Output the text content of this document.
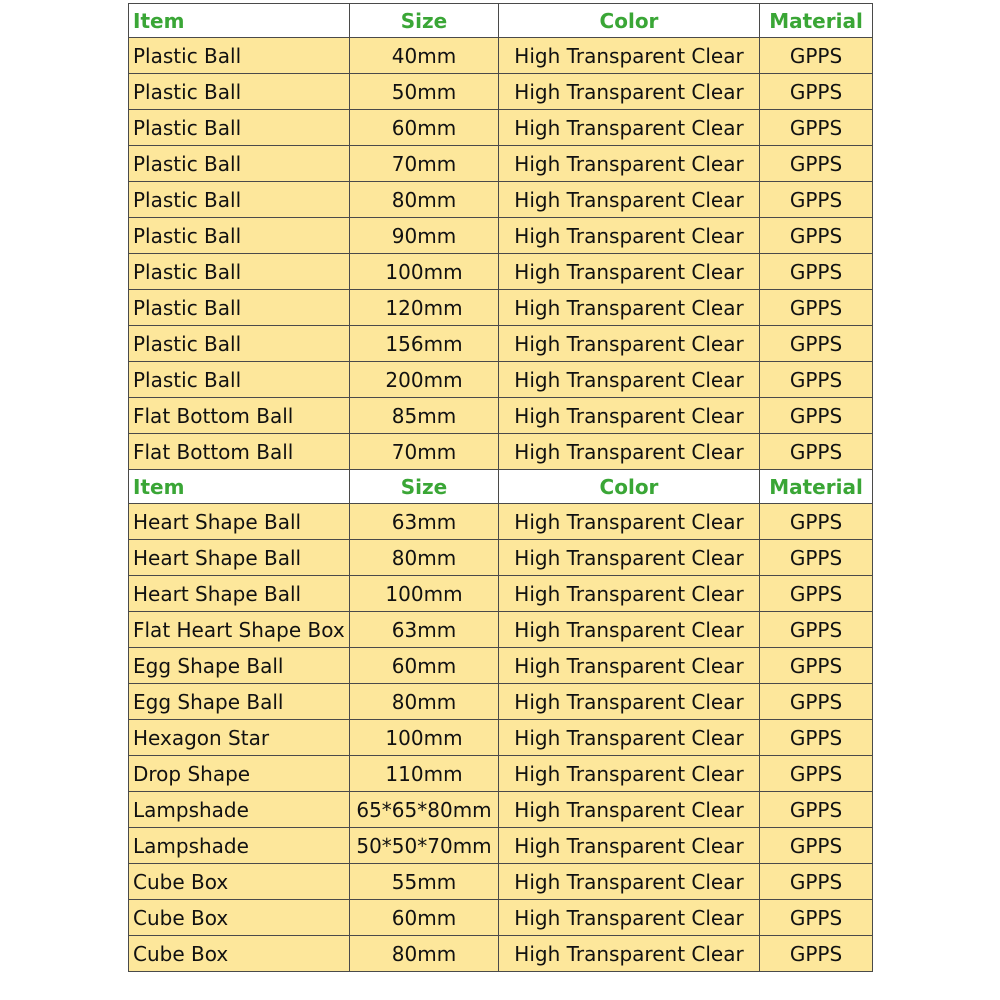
Item	Size	Color	Material
Plastic Ball	40mm	High Transparent Clear	GPPS
Plastic Ball	50mm	High Transparent Clear	GPPS
Plastic Ball	60mm	High Transparent Clear	GPPS
Plastic Ball	70mm	High Transparent Clear	GPPS
Plastic Ball	80mm	High Transparent Clear	GPPS
Plastic Ball	90mm	High Transparent Clear	GPPS
Plastic Ball	100mm	High Transparent Clear	GPPS
Plastic Ball	120mm	High Transparent Clear	GPPS
Plastic Ball	156mm	High Transparent Clear	GPPS
Plastic Ball	200mm	High Transparent Clear	GPPS
Flat Bottom Ball	85mm	High Transparent Clear	GPPS
Flat Bottom Ball	70mm	High Transparent Clear	GPPS
Item	Size	Color	Material
Heart Shape Ball	63mm	High Transparent Clear	GPPS
Heart Shape Ball	80mm	High Transparent Clear	GPPS
Heart Shape Ball	100mm	High Transparent Clear	GPPS
Flat Heart Shape Box	63mm	High Transparent Clear	GPPS
Egg Shape Ball	60mm	High Transparent Clear	GPPS
Egg Shape Ball	80mm	High Transparent Clear	GPPS
Hexagon Star	100mm	High Transparent Clear	GPPS
Drop Shape	110mm	High Transparent Clear	GPPS
Lampshade	65*65*80mm	High Transparent Clear	GPPS
Lampshade	50*50*70mm	High Transparent Clear	GPPS
Cube Box	55mm	High Transparent Clear	GPPS
Cube Box	60mm	High Transparent Clear	GPPS
Cube Box	80mm	High Transparent Clear	GPPS
